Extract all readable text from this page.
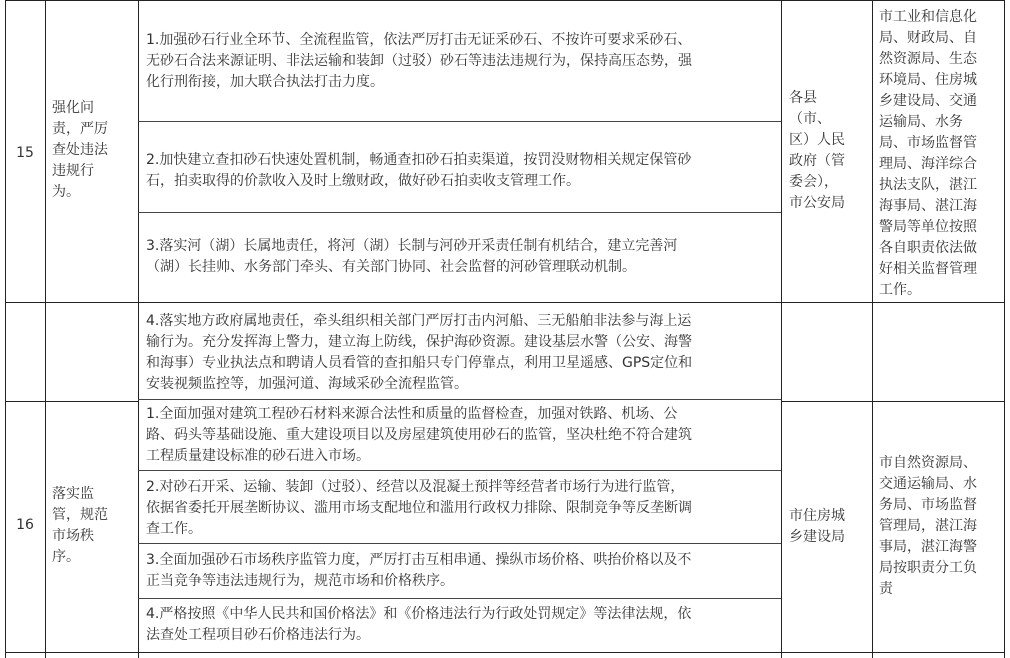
15
强化问
责，严厉
查处违法
违规行
为。
1.加强砂石行业全环节、全流程监管，依法严厉打击无证采砂石、不按许可要求采砂石、
无砂石合法来源证明、非法运输和装卸（过驳）砂石等违法违规行为，保持高压态势，强
化行刑衔接，加大联合执法打击力度。
2.加快建立查扣砂石快速处置机制，畅通查扣砂石拍卖渠道，按罚没财物相关规定保管砂
石，拍卖取得的价款收入及时上缴财政，做好砂石拍卖收支管理工作。
3.落实河（湖）长属地责任，将河（湖）长制与河砂开采责任制有机结合，建立完善河
（湖）长挂帅、水务部门牵头、有关部门协同、社会监督的河砂管理联动机制。
4.落实地方政府属地责任，牵头组织相关部门严厉打击内河船、三无船舶非法参与海上运
输行为。充分发挥海上警力，建立海上防线，保护海砂资源。建设基层水警（公安、海警
和海事）专业执法点和聘请人员看管的查扣船只专门停靠点，利用卫星遥感、GPS定位和
安装视频监控等，加强河道、海域采砂全流程监管。
各县
（市、
区）人民
政府（管
委会），
市公安局
市工业和信息化
局、财政局、自
然资源局、生态
环境局、住房城
乡建设局、交通
运输局、水务
局、市场监督管
理局、海洋综合
执法支队，湛江
海事局、湛江海
警局等单位按照
各自职责依法做
好相关监督管理
工作。
16
落实监
管，规范
市场秩
序。
1.全面加强对建筑工程砂石材料来源合法性和质量的监督检查，加强对铁路、机场、公
路、码头等基础设施、重大建设项目以及房屋建筑使用砂石的监管，坚决杜绝不符合建筑
工程质量建设标准的砂石进入市场。
2.对砂石开采、运输、装卸（过驳）、经营以及混凝土预拌等经营者市场行为进行监管，
依据省委托开展垄断协议、滥用市场支配地位和滥用行政权力排除、限制竞争等反垄断调
查工作。
3.全面加强砂石市场秩序监管力度，严厉打击互相串通、操纵市场价格、哄抬价格以及不
正当竞争等违法违规行为，规范市场和价格秩序。
4.严格按照《中华人民共和国价格法》和《价格违法行为行政处罚规定》等法律法规，依
法查处工程项目砂石价格违法行为。
市住房城
乡建设局
市自然资源局、
交通运输局、水
务局、市场监督
管理局，湛江海
事局，湛江海警
局按职责分工负
责
